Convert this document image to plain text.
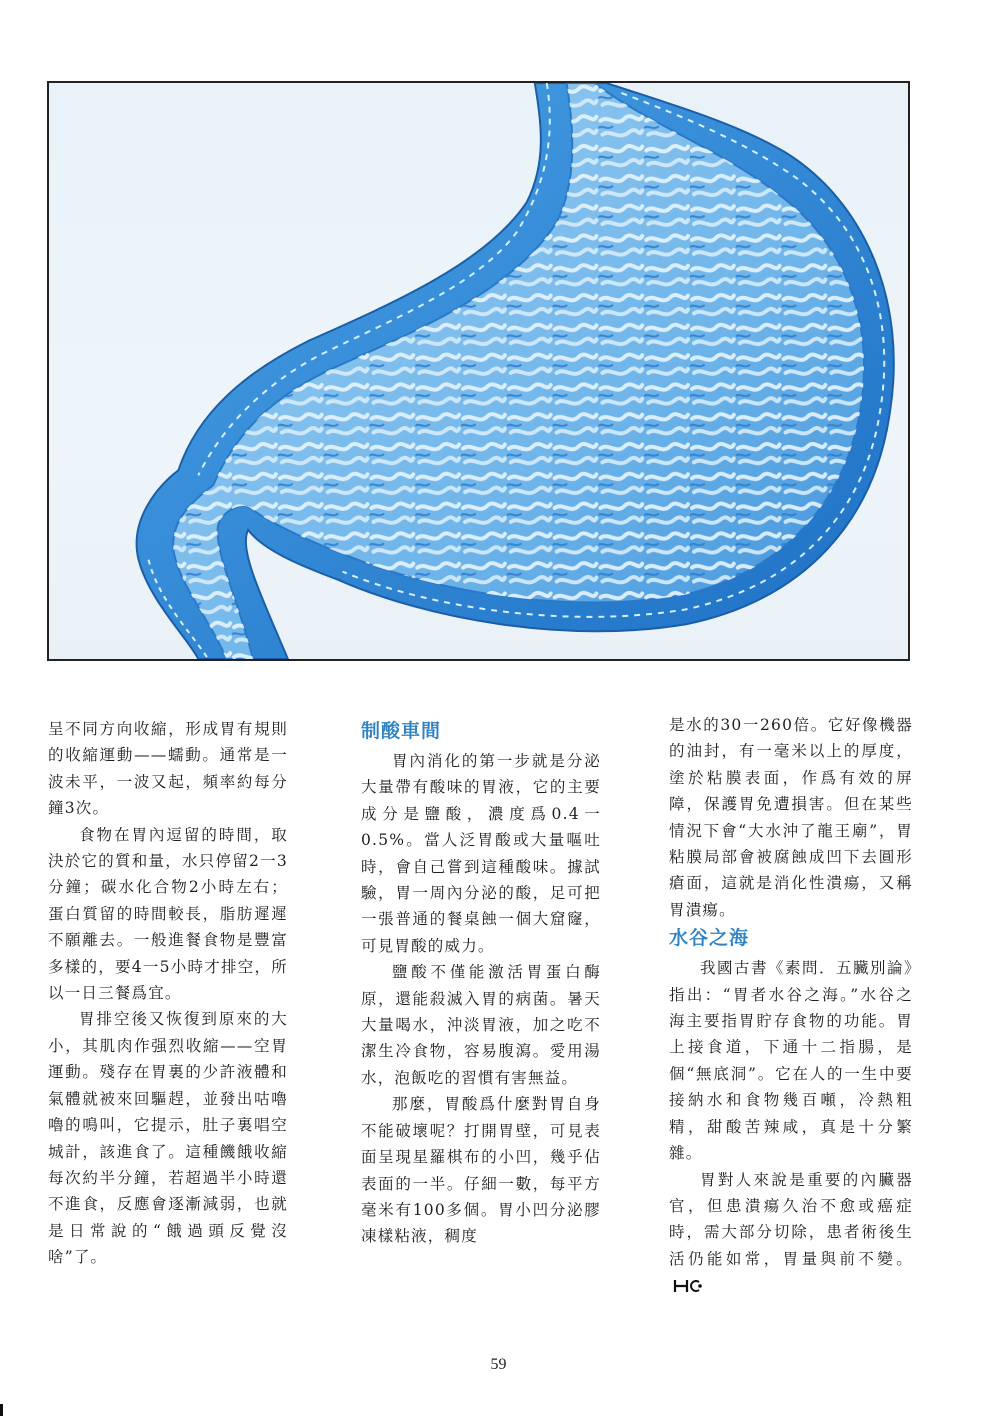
呈不同方向收縮，形成胃有規則的收縮運動——蠕動。通常是一波未平，一波又起，頻率約每分鐘3次。

食物在胃內逗留的時間，取決於它的質和量，水只停留2一3分鐘；碳水化合物2小時左右；蛋白質留的時間較長，脂肪遲遲不願離去。一般進餐食物是豐富多樣的，要4一5小時才排空，所以一日三餐爲宜。

胃排空後又恢復到原來的大小，其肌肉作强烈收縮——空胃運動。殘存在胃裏的少許液體和氣體就被來回驅趕，並發出咕嚕嚕的鳴叫，它提示，肚子裏唱空城計，該進食了。這種饑餓收縮每次約半分鐘，若超過半小時還不進食，反應會逐漸減弱，也就是日常說的“餓過頭反覺沒啥”了。

制酸車間

胃內消化的第一步就是分泌大量帶有酸味的胃液，它的主要成分是鹽酸，濃度爲0.4一0.5%。當人泛胃酸或大量嘔吐時，會自己嘗到這種酸味。據試驗，胃一周內分泌的酸，足可把一張普通的餐桌蝕一個大窟窿，可見胃酸的威力。

鹽酸不僅能激活胃蛋白酶原，還能殺滅入胃的病菌。暑天大量喝水，沖淡胃液，加之吃不潔生冷食物，容易腹瀉。愛用湯水，泡飯吃的習慣有害無益。

那麼，胃酸爲什麼對胃自身不能破壞呢？打開胃壁，可見表面呈現星羅棋布的小凹，幾乎佔表面的一半。仔細一數，每平方毫米有100多個。胃小凹分泌膠凍樣粘液，稠度

是水的30一260倍。它好像機器的油封，有一毫米以上的厚度，塗於粘膜表面，作爲有效的屏障，保護胃免遭損害。但在某些情況下會“大水沖了龍王廟”，胃粘膜局部會被腐蝕成凹下去圓形瘡面，這就是消化性潰瘍，又稱胃潰瘍。

水谷之海

我國古書《素問．五臟別論》指出：“胃者水谷之海。”水谷之海主要指胃貯存食物的功能。胃上接食道，下通十二指腸，是個“無底洞”。它在人的一生中要接納水和食物幾百噸，冷熱粗精，甜酸苦辣咸，真是十分繁雜。

胃對人來說是重要的內臟器官，但患潰瘍久治不愈或癌症時，需大部分切除，患者術後生活仍能如常，胃量與前不變。

59
